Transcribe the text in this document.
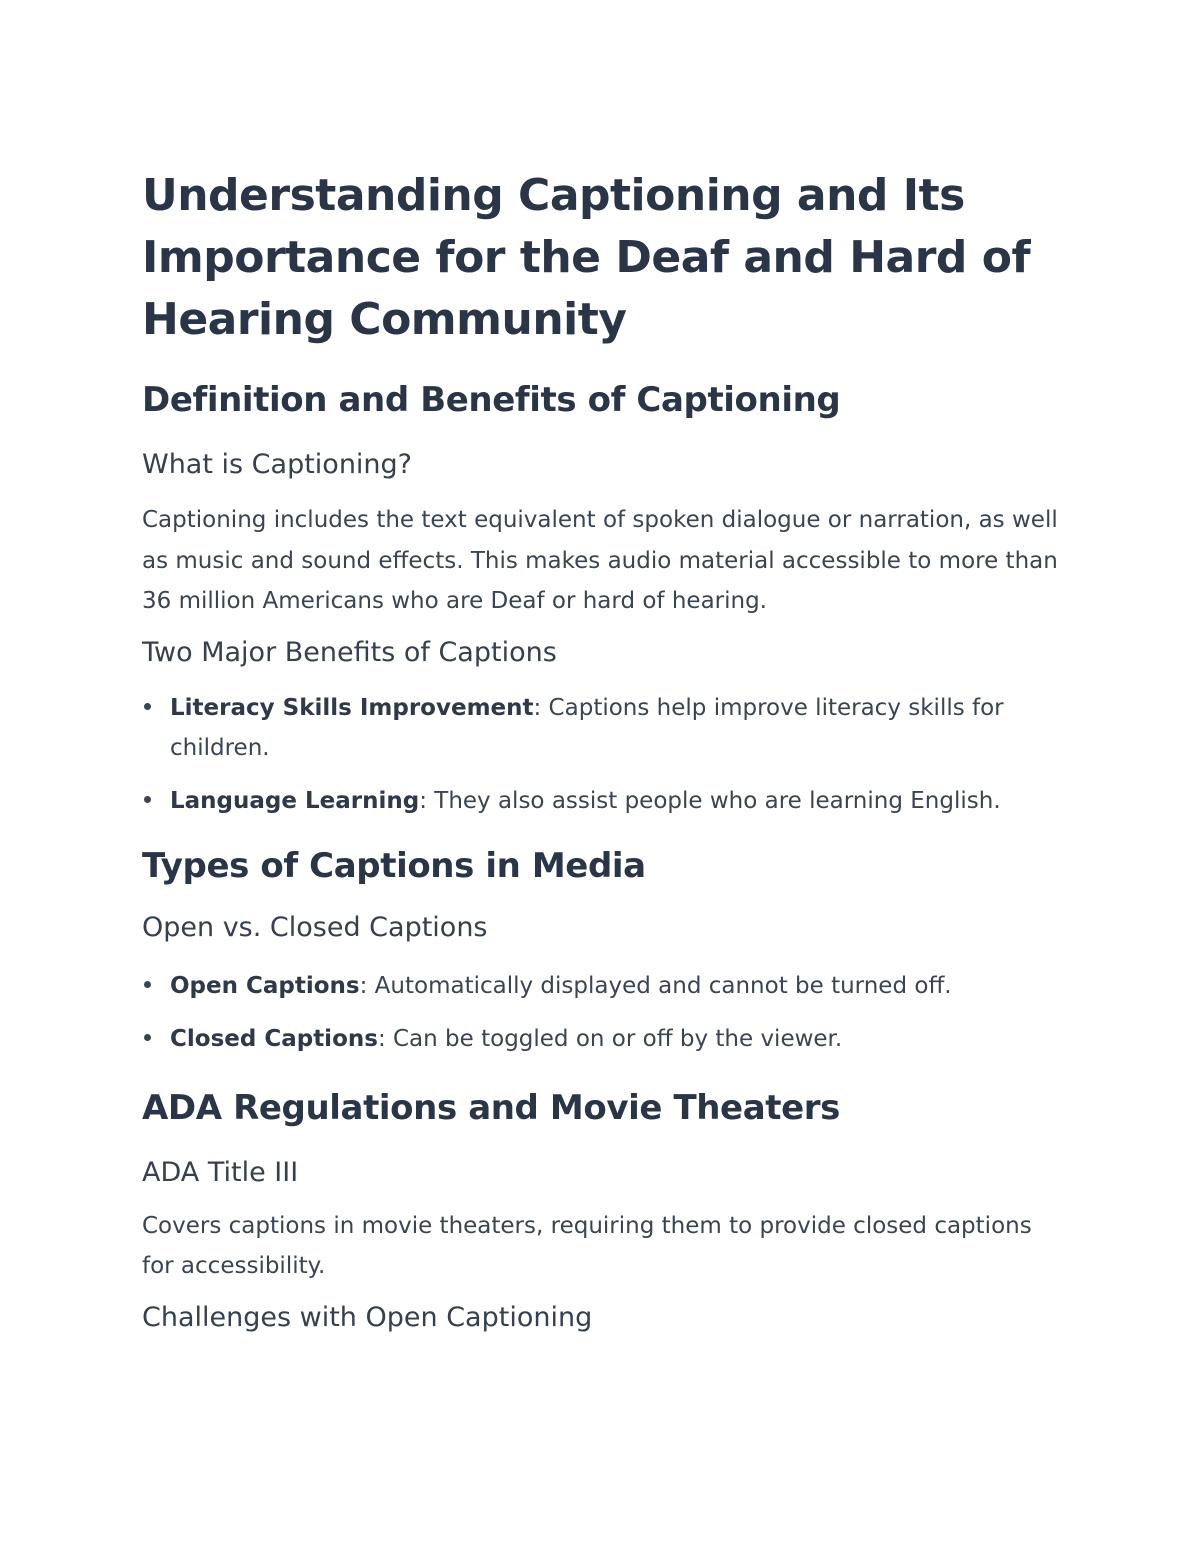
Understanding Captioning and Its Importance for the Deaf and Hard of Hearing Community
Definition and Benefits of Captioning
What is Captioning?

Captioning includes the text equivalent of spoken dialogue or narration, as well as music and sound effects. This makes audio material accessible to more than 36 million Americans who are Deaf or hard of hearing.

Two Major Benefits of Captions
Literacy Skills Improvement: Captions help improve literacy skills for children.
Language Learning: They also assist people who are learning English.
Types of Captions in Media
Open vs. Closed Captions
Open Captions: Automatically displayed and cannot be turned off.
Closed Captions: Can be toggled on or off by the viewer.
ADA Regulations and Movie Theaters
ADA Title III

Covers captions in movie theaters, requiring them to provide closed captions for accessibility.

Challenges with Open Captioning
